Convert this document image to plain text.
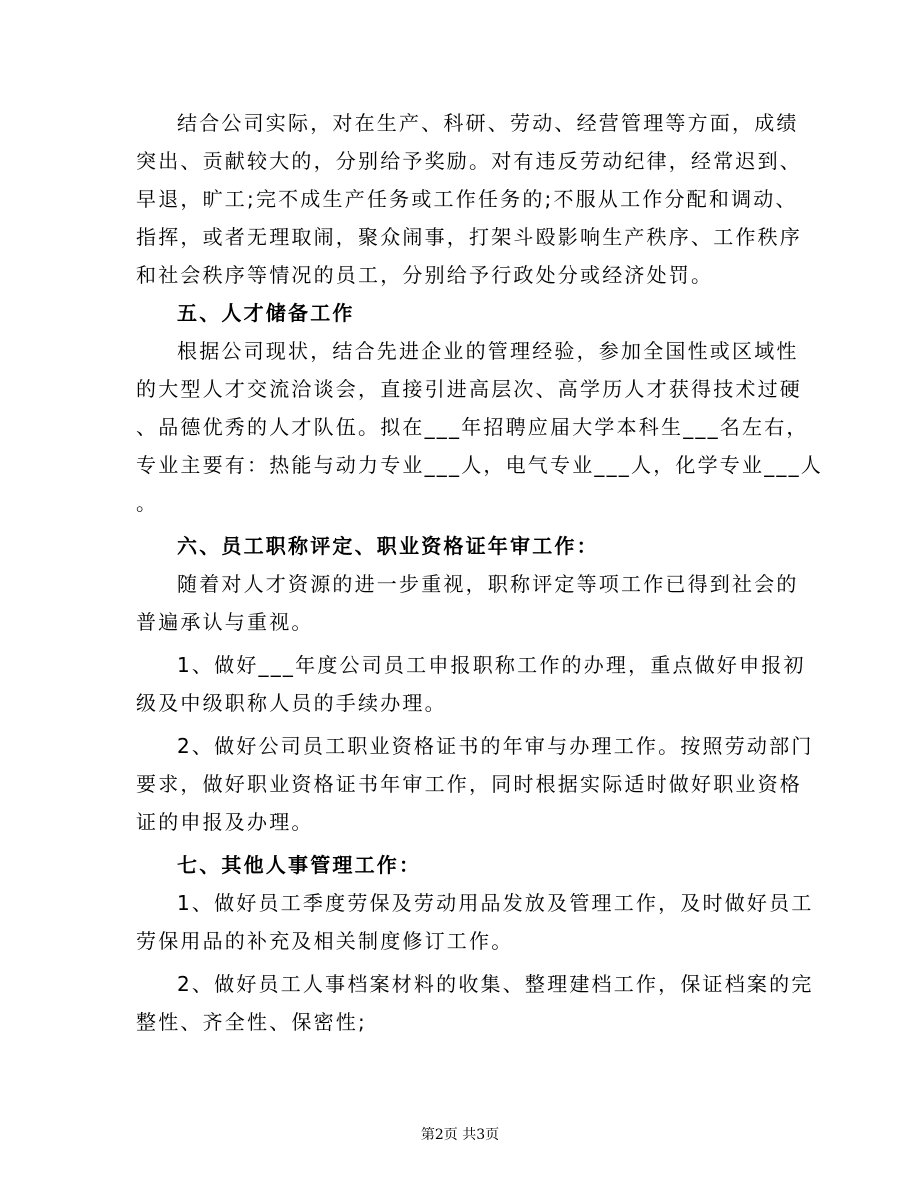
结合公司实际，对在生产、科研、劳动、经营管理等方面，成绩
突出、贡献较大的，分别给予奖励。对有违反劳动纪律，经常迟到、
早退，旷工;完不成生产任务或工作任务的;不服从工作分配和调动、
指挥，或者无理取闹，聚众闹事，打架斗殴影响生产秩序、工作秩序
和社会秩序等情况的员工，分别给予行政处分或经济处罚。
五、人才储备工作
根据公司现状，结合先进企业的管理经验，参加全国性或区域性
的大型人才交流洽谈会，直接引进高层次、高学历人才获得技术过硬
、品德优秀的人才队伍。拟在___年招聘应届大学本科生___名左右，
专业主要有：热能与动力专业___人，电气专业___人，化学专业___人
。
六、员工职称评定、职业资格证年审工作：
随着对人才资源的进一步重视，职称评定等项工作已得到社会的
普遍承认与重视。
1、做好___年度公司员工申报职称工作的办理，重点做好申报初
级及中级职称人员的手续办理。
2、做好公司员工职业资格证书的年审与办理工作。按照劳动部门
要求，做好职业资格证书年审工作，同时根据实际适时做好职业资格
证的申报及办理。
七、其他人事管理工作：
1、做好员工季度劳保及劳动用品发放及管理工作，及时做好员工
劳保用品的补充及相关制度修订工作。
2、做好员工人事档案材料的收集、整理建档工作，保证档案的完
整性、齐全性、保密性;
第2页 共3页
